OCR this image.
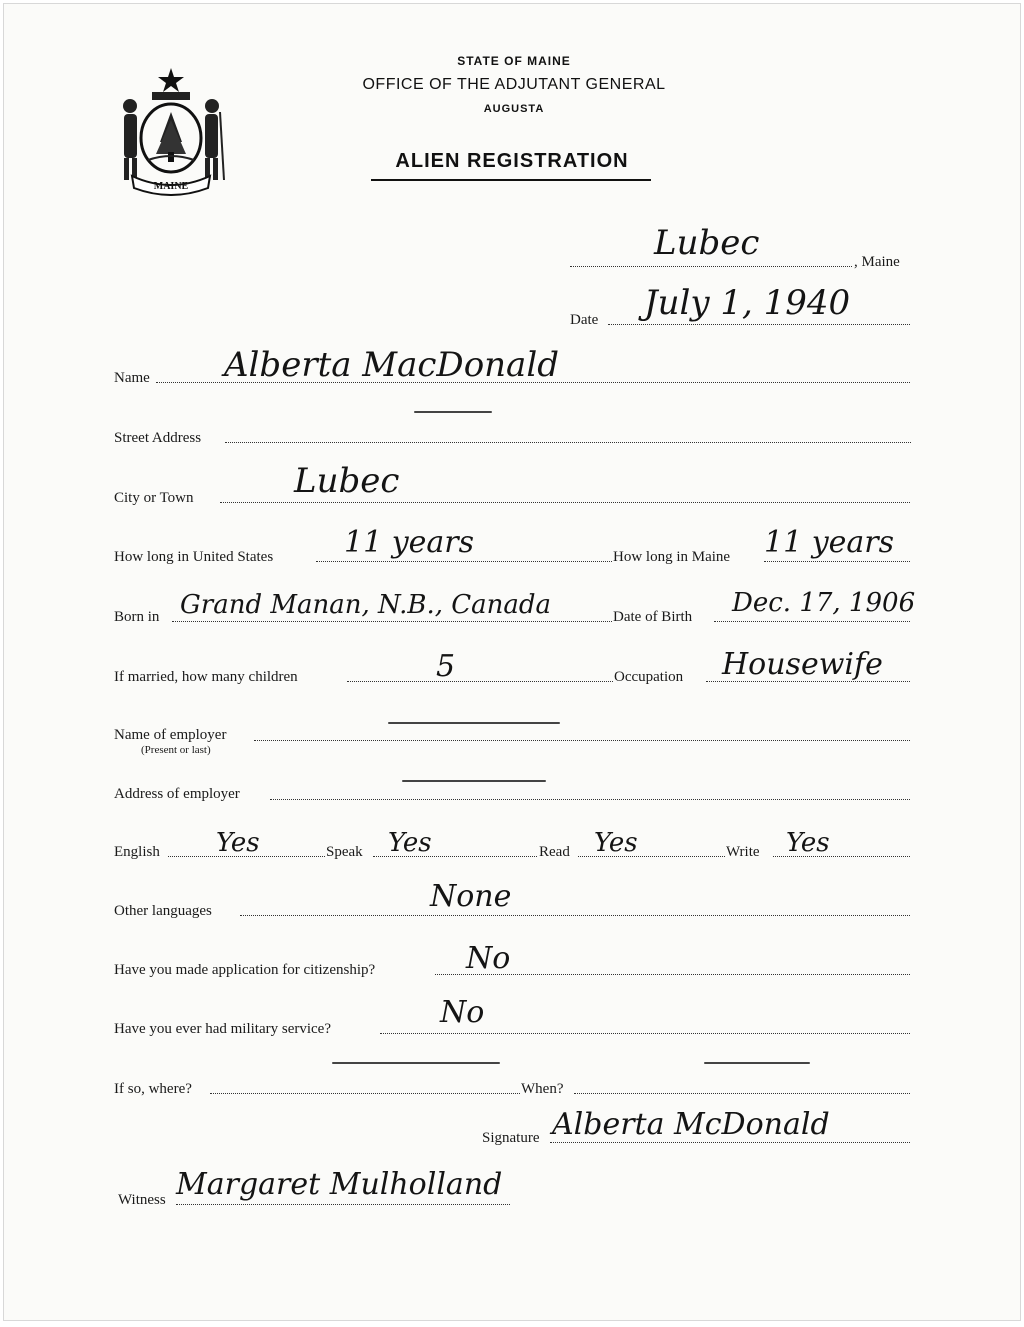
MAINE
STATE OF MAINE
OFFICE OF THE ADJUTANT GENERAL
AUGUSTA
ALIEN REGISTRATION
, Maine
Lubec
Date July 1, 1940
Name Alberta MacDonald
Street Address
City or Town	Lubec
How long in United States 11 years	How long in Maine 11 years
Born in Grand Manan, N.B., Canada	Date of Birth Dec. 17, 1906
If married, how many children	5	Occupation Housewife
Name of employer
(Present or last)
Address of employer
English Yes	Speak Yes	Read Yes	Write Yes
Other languages	None
Have you made application for citizenship?	No
Have you ever had military service?	No
If so, where?	When?
Signature Alberta McDonald
Witness Margaret Mulholland
